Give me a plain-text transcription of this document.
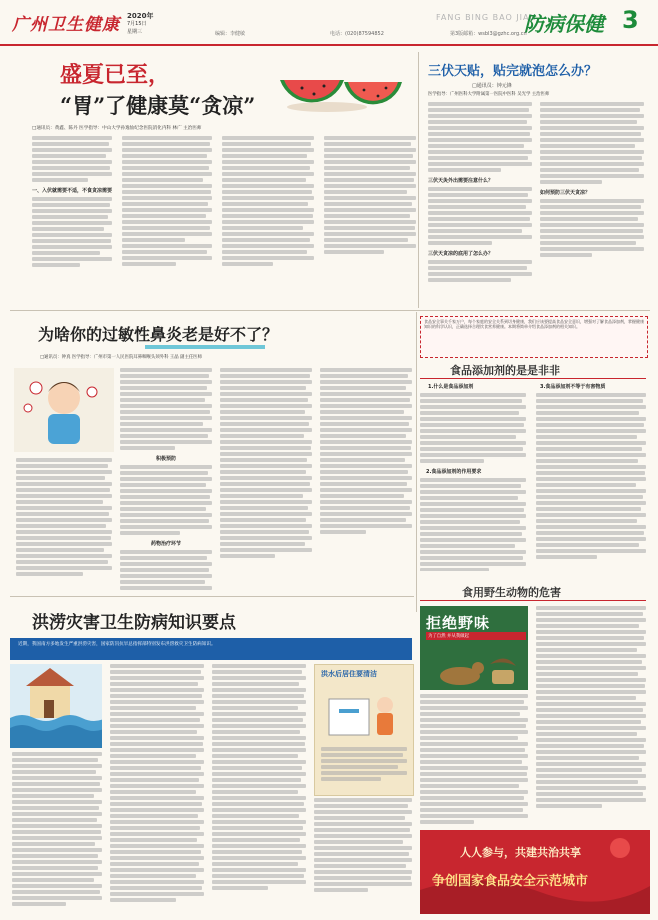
广州卫生健康 2020年
7月15日
星期三
FANG BING BAO JIAN
防病保健 3
编辑：李健敏	电话：(020)87594852	第3版邮箱：wsbl3@gzhc.org.cn
盛夏已至，
“胃”了健康莫“贪凉”
□通讯员：黄鑫、陈丹 医学指导：中山大学孙逸仙纪念医院消化内科 林广 主治医师
一、入伏就需要不适，不食贪凉需要
三伏天贴，贴完就泡怎么办？
□通讯员：钟元锋
医学指导：广州医科大学附属第一医院中医科 吴光学 主治医师
三伏天灸外出需要注意什么？
三伏天贪凉的底用了怎么办？
如何预防三伏天贪凉？
为啥你的过敏性鼻炎老是好不了？
□通讯员：钟真 医学指导：广州市第一人民医院耳鼻咽喉头颈外科 王晶 副主任医师
积极预防
药物治疗环节
食品安全事关千家万户，每个家庭的安全关系到切身健康，我们应该要提高食品安全意识，增强对了解食品添加剂，掌握健康知识的科学认识，正确选择合理饮食营养健康。本期将简单介绍食品添加剂的相关知识。
食品添加剂的是是非非
1.什么是食品添加剂
2.食品添加剂的作用要求
3.食品添加剂不等于有害物质
食用野生动物的危害
拒绝野味
为了自然 并从我做起
洪涝灾害卫生防病知识要点
近期，我国南方多地发生严重洪涝灾害，国家防汛抗旱总指挥部特别发布洪涝救灾卫生防病知识。
洪水后居住要清洁
人人参与，共建共治共享
争创国家食品安全示范城市
